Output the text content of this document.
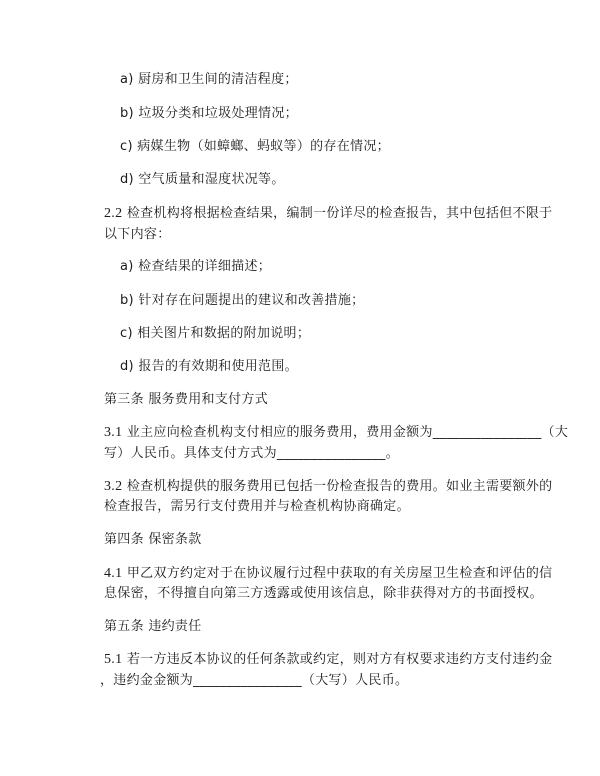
a) 厨房和卫生间的清洁程度；
b) 垃圾分类和垃圾处理情况；
c) 病媒生物（如蟑螂、蚂蚁等）的存在情况；
d) 空气质量和湿度状况等。
2.2 检查机构将根据检查结果，编制一份详尽的检查报告，其中包括但不限于
以下内容：
a) 检查结果的详细描述；
b) 针对存在问题提出的建议和改善措施；
c) 相关图片和数据的附加说明；
d) 报告的有效期和使用范围。
第三条 服务费用和支付方式
3.1 业主应向检查机构支付相应的服务费用，费用金额为________________（大
写）人民币。具体支付方式为________________。
3.2 检查机构提供的服务费用已包括一份检查报告的费用。如业主需要额外的
检查报告，需另行支付费用并与检查机构协商确定。
第四条 保密条款
4.1 甲乙双方约定对于在协议履行过程中获取的有关房屋卫生检查和评估的信
息保密，不得擅自向第三方透露或使用该信息，除非获得对方的书面授权。
第五条 违约责任
5.1 若一方违反本协议的任何条款或约定，则对方有权要求违约方支付违约金
，违约金金额为________________（大写）人民币。
